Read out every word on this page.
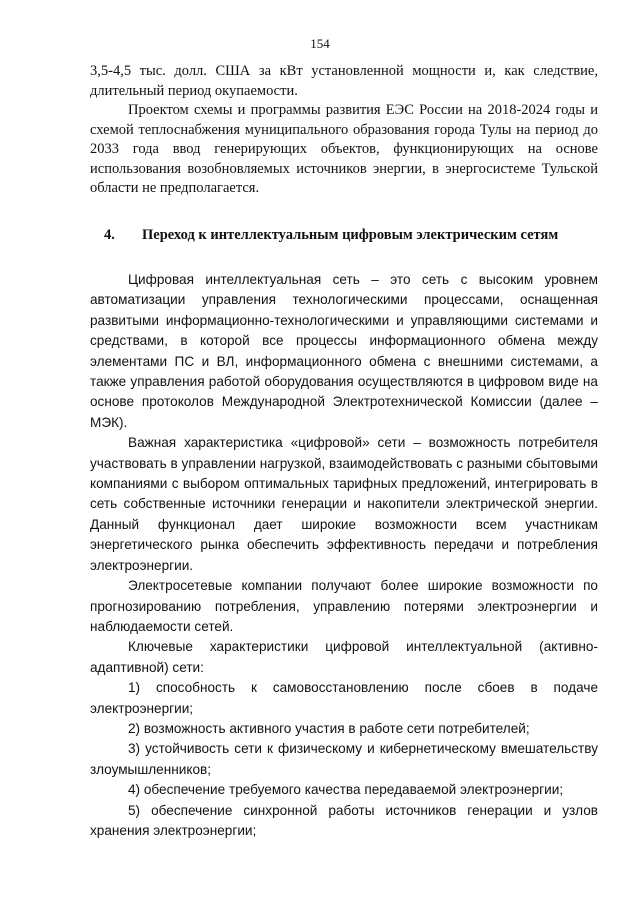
154

3,5-4,5 тыс. долл. США за кВт установленной мощности и, как следствие, длительный период окупаемости.

Проектом схемы и программы развития ЕЭС России на 2018-2024 годы и схемой теплоснабжения муниципального образования города Тулы на период до 2033 года ввод генерирующих объектов, функционирующих на основе использования возобновляемых источников энергии, в энергосистеме Тульской области не предполагается.

4.	Переход к интеллектуальным цифровым электрическим сетям

Цифровая интеллектуальная сеть – это сеть с высоким уровнем автоматизации управления технологическими процессами, оснащенная развитыми информационно-технологическими и управляющими системами и средствами, в которой все процессы информационного обмена между элементами ПС и ВЛ, информационного обмена с внешними системами, а также управления работой оборудования осуществляются в цифровом виде на основе протоколов Международной Электротехнической Комиссии (далее – МЭК).

Важная характеристика «цифровой» сети – возможность потребителя участвовать в управлении нагрузкой, взаимодействовать с разными сбытовыми компаниями с выбором оптимальных тарифных предложений, интегрировать в сеть собственные источники генерации и накопители электрической энергии. Данный функционал дает широкие возможности всем участникам энергетического рынка обеспечить эффективность передачи и потребления электроэнергии.

Электросетевые компании получают более широкие возможности по прогнозированию потребления, управлению потерями электроэнергии и наблюдаемости сетей.

Ключевые характеристики цифровой интеллектуальной (активно-адаптивной) сети:

1) способность к самовосстановлению после сбоев в подаче электроэнергии;

2) возможность активного участия в работе сети потребителей;

3) устойчивость сети к физическому и кибернетическому вмешательству злоумышленников;

4) обеспечение требуемого качества передаваемой электроэнергии;

5) обеспечение синхронной работы источников генерации и узлов хранения электроэнергии;
